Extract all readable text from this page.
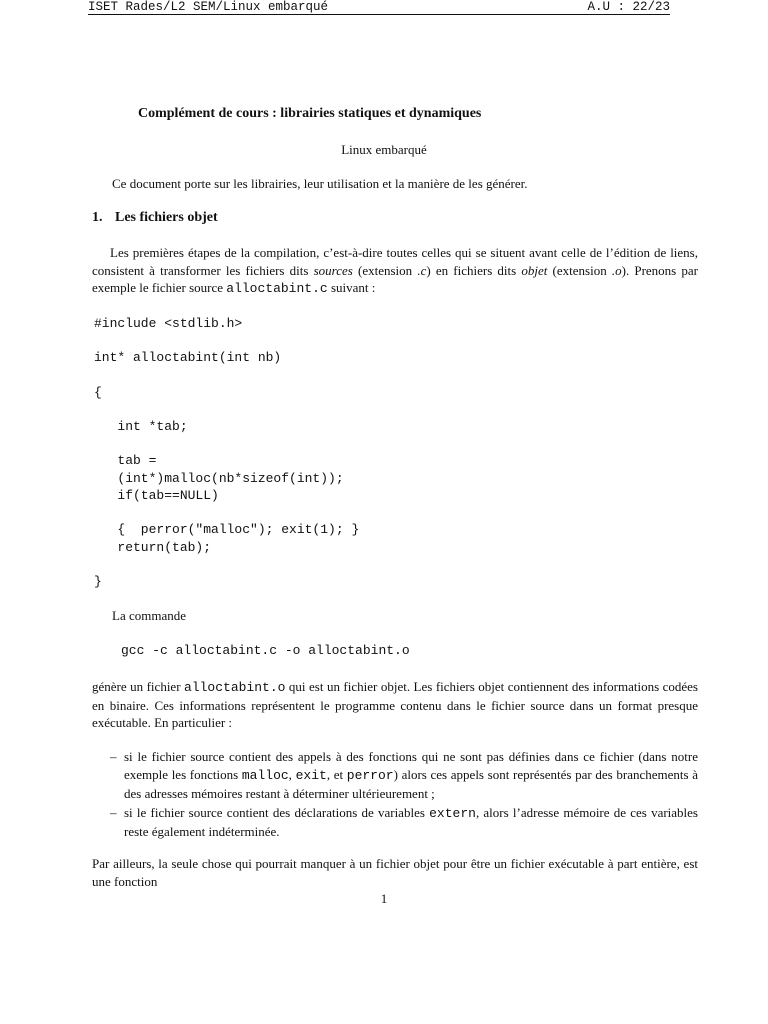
ISET Rades/L2 SEM/Linux embarqué	A.U : 22/23
Complément de cours : librairies statiques et dynamiques
Linux embarqué
Ce document porte sur les librairies, leur utilisation et la manière de les générer.
1. Les fichiers objet
Les premières étapes de la compilation, c’est-à-dire toutes celles qui se situent avant celle de l’édition de liens, consistent à transformer les fichiers dits sources (extension .c) en fichiers dits objet (extension .o). Prenons par exemple le fichier source alloctabint.c suivant :
#include <stdlib.h>
int* alloctabint(int nb)
{
int *tab;
tab =
(int*)malloc(nb*sizeof(int));
if(tab==NULL)
{  perror("malloc"); exit(1); }
return(tab);
}
La commande
gcc -c alloctabint.c -o alloctabint.o
génère un fichier alloctabint.o qui est un fichier objet. Les fichiers objet contiennent des informations codées en binaire. Ces informations représentent le programme contenu dans le fichier source dans un format presque exécutable. En particulier :
– si le fichier source contient des appels à des fonctions qui ne sont pas définies dans ce fichier (dans notre exemple les fonctions malloc, exit, et perror) alors ces appels sont représentés par des branchements à des adresses mémoires restant à déterminer ultérieurement ;
– si le fichier source contient des déclarations de variables extern, alors l’adresse mémoire de ces variables reste également indéterminée.
Par ailleurs, la seule chose qui pourrait manquer à un fichier objet pour être un fichier exécutable à part entière, est une fonction
1
